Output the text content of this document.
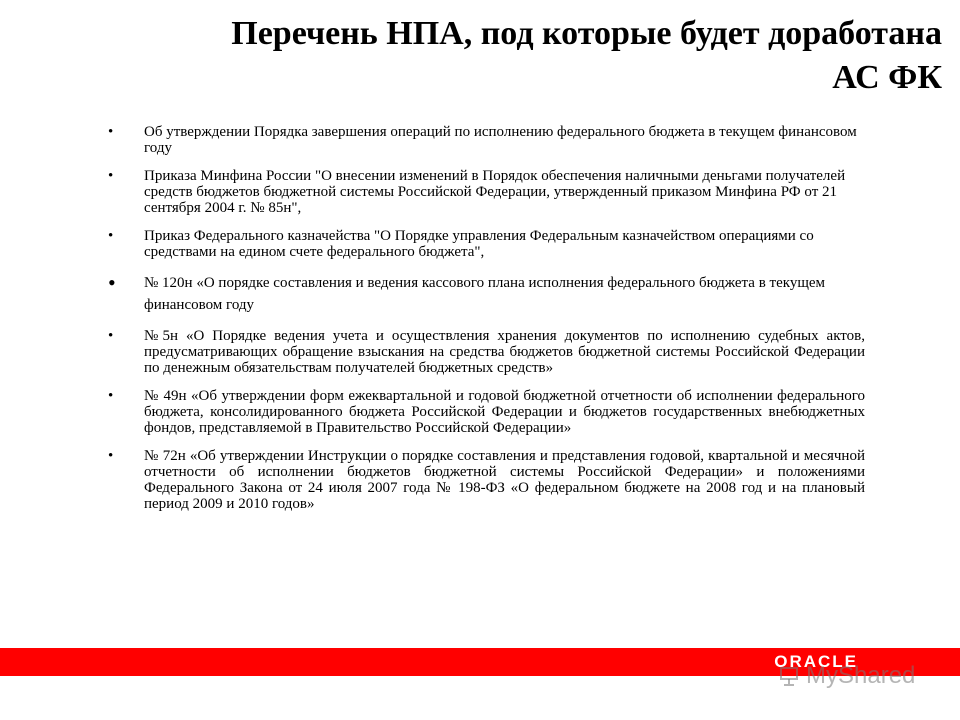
Перечень НПА, под которые будет доработана
АС ФК
• Об утверждении Порядка завершения операций по исполнению федерального бюджета в текущем финансовом году
• Приказа Минфина России "О внесении изменений в Порядок обеспечения наличными деньгами получателей средств бюджетов бюджетной системы Российской Федерации, утвержденный приказом Минфина РФ от 21 сентября 2004 г. № 85н",
• Приказ Федерального казначейства "О Порядке управления Федеральным казначейством операциями со средствами на едином счете федерального бюджета",
• № 120н «О порядке составления и ведения кассового плана исполнения федерального бюджета в текущем финансовом году
• №5н «О Порядке ведения учета и осуществления хранения документов по исполнению судебных актов, предусматривающих обращение взыскания на средства бюджетов бюджетной системы Российской Федерации по денежным обязательствам получателей бюджетных средств»
• № 49н «Об утверждении форм ежеквартальной и годовой бюджетной отчетности об исполнении федерального бюджета, консолидированного бюджета Российской Федерации и бюджетов государственных внебюджетных фондов, представляемой в Правительство Российской Федерации»
• № 72н «Об утверждении Инструкции о порядке составления и представления годовой, квартальной и месячной отчетности об исполнении бюджетов бюджетной системы Российской Федерации» и положениями Федерального Закона от 24 июля 2007 года № 198-ФЗ «О федеральном бюджете на 2008 год и на плановый период 2009 и 2010 годов»
ORACLE
MyShared
